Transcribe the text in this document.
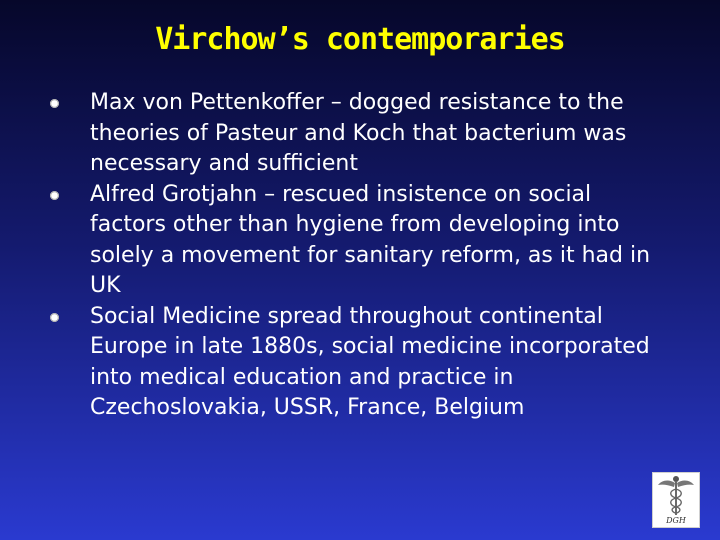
Virchow’s contemporaries
Max von Pettenkoffer – dogged resistance to the theories of Pasteur and Koch that bacterium was necessary and sufficient
Alfred Grotjahn – rescued insistence on social factors other than hygiene from developing into solely a movement for sanitary reform, as it had in UK
Social Medicine spread throughout continental Europe in late 1880s, social medicine incorporated into medical education and practice in Czechoslovakia, USSR, France, Belgium
DGH
